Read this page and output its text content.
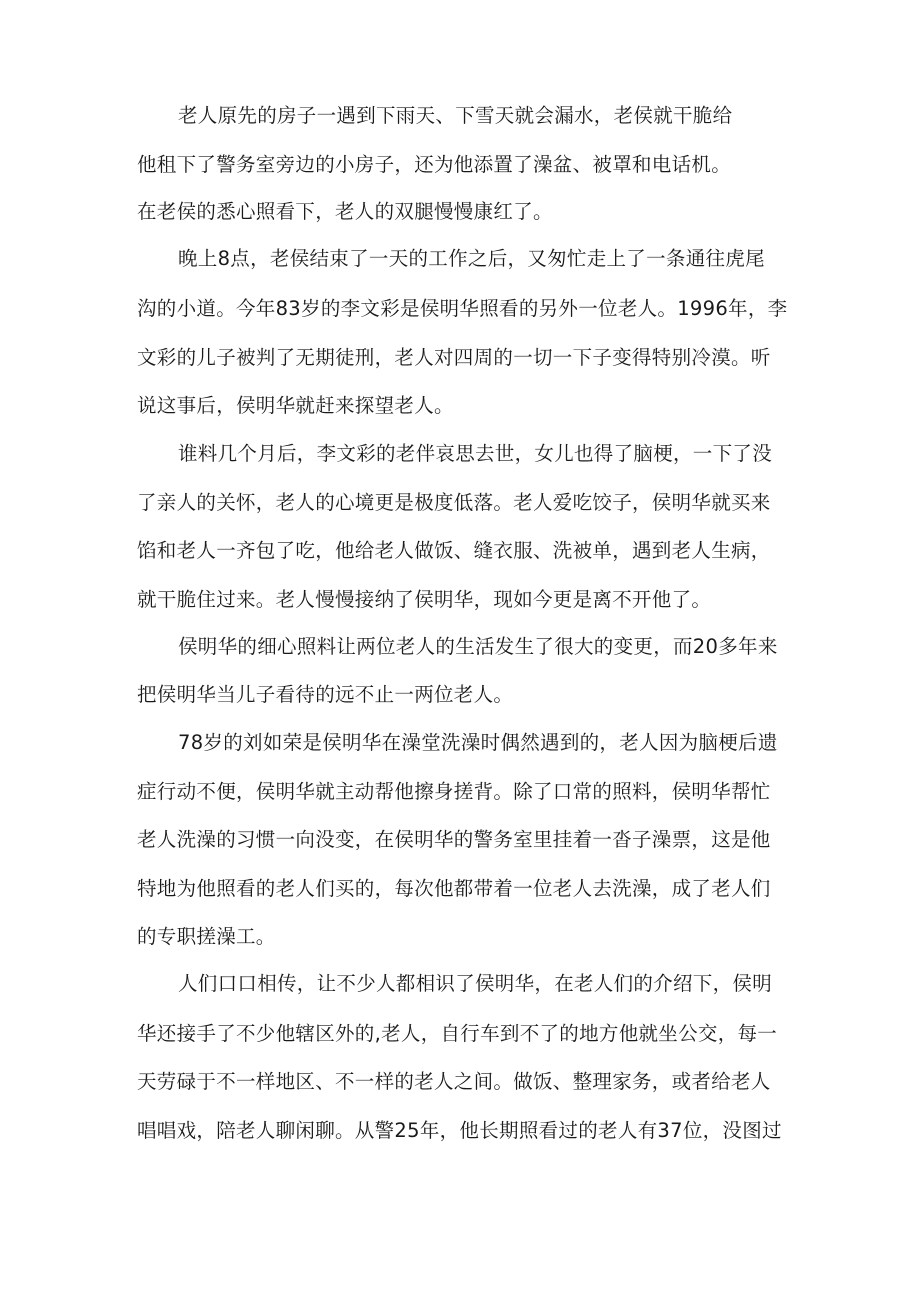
老人原先的房子一遇到下雨天、下雪天就会漏水，老侯就干脆给
他租下了警务室旁边的小房子，还为他添置了澡盆、被罩和电话机。
在老侯的悉心照看下，老人的双腿慢慢康红了。
晚上8点，老侯结束了一天的工作之后，又匆忙走上了一条通往虎尾
沟的小道。今年83岁的李文彩是侯明华照看的另外一位老人。1996年，李
文彩的儿子被判了无期徒刑，老人对四周的一切一下子变得特别冷漠。听
说这事后，侯明华就赶来探望老人。
谁料几个月后，李文彩的老伴哀思去世，女儿也得了脑梗，一下了没
了亲人的关怀，老人的心境更是极度低落。老人爱吃饺子，侯明华就买来
馅和老人一齐包了吃，他给老人做饭、缝衣服、洗被单，遇到老人生病，
就干脆住过来。老人慢慢接纳了侯明华，现如今更是离不开他了。
侯明华的细心照料让两位老人的生活发生了很大的变更，而20多年来
把侯明华当儿子看待的远不止一两位老人。
78岁的刘如荣是侯明华在澡堂洗澡时偶然遇到的，老人因为脑梗后遗
症行动不便，侯明华就主动帮他擦身搓背。除了口常的照料，侯明华帮忙
老人洗澡的习惯一向没变，在侯明华的警务室里挂着一沓子澡票，这是他
特地为他照看的老人们买的，每次他都带着一位老人去洗澡，成了老人们
的专职搓澡工。
人们口口相传，让不少人都相识了侯明华，在老人们的介绍下，侯明
华还接手了不少他辖区外的,老人，自行车到不了的地方他就坐公交，每一
天劳碌于不一样地区、不一样的老人之间。做饭、整理家务，或者给老人
唱唱戏，陪老人聊闲聊。从警25年，他长期照看过的老人有37位，没图过
